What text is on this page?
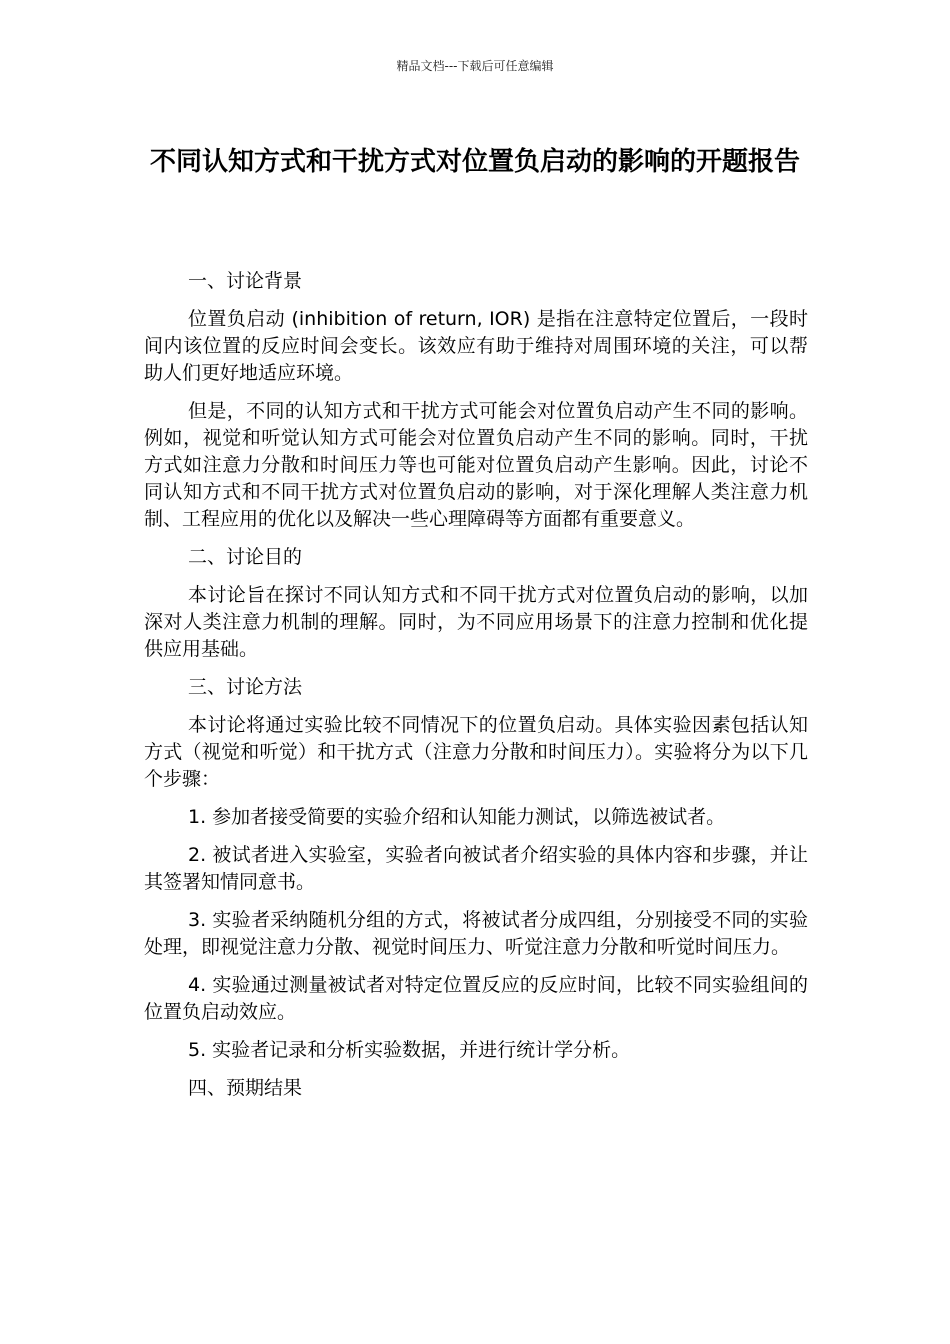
精品文档---下载后可任意编辑
不同认知方式和干扰方式对位置负启动的影响的开题报告

一、讨论背景

位置负启动 (inhibition of return, IOR) 是指在注意特定位置后，一段时间内该位置的反应时间会变长。该效应有助于维持对周围环境的关注，可以帮助人们更好地适应环境。

但是，不同的认知方式和干扰方式可能会对位置负启动产生不同的影响。例如，视觉和听觉认知方式可能会对位置负启动产生不同的影响。同时，干扰方式如注意力分散和时间压力等也可能对位置负启动产生影响。因此，讨论不同认知方式和不同干扰方式对位置负启动的影响，对于深化理解人类注意力机制、工程应用的优化以及解决一些心理障碍等方面都有重要意义。

二、讨论目的

本讨论旨在探讨不同认知方式和不同干扰方式对位置负启动的影响，以加深对人类注意力机制的理解。同时，为不同应用场景下的注意力控制和优化提供应用基础。

三、讨论方法

本讨论将通过实验比较不同情况下的位置负启动。具体实验因素包括认知方式（视觉和听觉）和干扰方式（注意力分散和时间压力）。实验将分为以下几个步骤：

1. 参加者接受简要的实验介绍和认知能力测试，以筛选被试者。

2. 被试者进入实验室，实验者向被试者介绍实验的具体内容和步骤，并让其签署知情同意书。

3. 实验者采纳随机分组的方式，将被试者分成四组，分别接受不同的实验处理，即视觉注意力分散、视觉时间压力、听觉注意力分散和听觉时间压力。

4. 实验通过测量被试者对特定位置反应的反应时间，比较不同实验组间的位置负启动效应。

5. 实验者记录和分析实验数据，并进行统计学分析。

四、预期结果
